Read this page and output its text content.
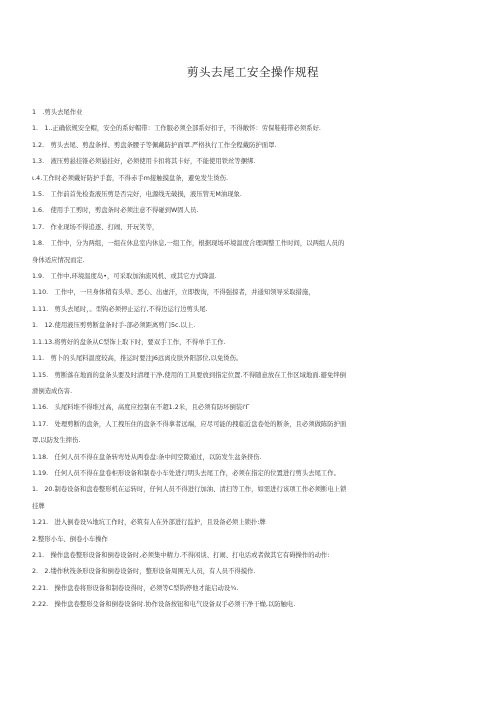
剪头去尾工安全操作规程
1　.剪头去尾作业
1.　1..正确依规安全帽，安全的系好帽带：工作服必须全部系好扣子，不得敞怀：劳保鞋鞋带必须系好.
1.2.　剪头去尾、剪盘条样、剪盘条腰子等佩戴防护面罩.严格执行工作全程戴防护面罩.
1.3.　液压剪悬挂锥必须悬挂好，必须使用卡扣将其卡好，不能使用铁丝等捆绑.
ι.4.工作时必须戴好防护手套，不得赤手m接触摸盘条，避免发生烫伤.
1.5.　工作前首先检查液压剪是否完好，电源线无破损，液压管无M油现象.
1.6.　使用手工剪时，剪盘条时必须注意不得碰到W固人员.
1.7.　作业现场不得追逐、打闹、开玩笑等，
1.8.　工作中，分为两组，一组在休息室内休息,一组工作，根据现场环境温度合理调整工作时间，以两组人员的
身体适应情况而定.
1.9.　工作中,环境温度岛•，可采取加油流风机、或其它方式降温.
1.10.　工作中，一旦身体稍有头晕、恶心、出虚汗，立即拨询，不得强掠者，并通知领导采取措施，
1.11.　剪头去尾时，。型钩必须停止运行,不得边运行边剪头尾.
1.　12.使用液压剪剪断盘条时手-部必须距离剪门5c.以上.
1.1.13.将剪好的盘条从C型饰上取下时，要双手工作，不得单手工作.
1.1.　剪卜的头尾料温度较高，推运时要注J6远离皮肤外阳部位,以免烫伤。
1.15.　剪断落在地面的盘条头要及时清理干净,使用的工具要放到指定位置.不得随意放在工作区域地面.避免绊倒
滑倒造成伤害.
1.16.　头尾料堆不得堆过高，高度应控制在不超1.2米，且必须有防坏倒装i'Γ
1.17.　处理剪断的盘条，人工拽压住的盘条不得拿者远端，应尽可能的拽临近盘卷处的断条，且必须做陈防护面
罩,以防发生摔伤.
1.18.　任何人员不得在盘条转弯处从两卷盘:条中间空隙通过，以防发生盆条挤伤.
1.19.　任何人员不得在盘卷柜形设备和制卷小车处进行明头去尾工作，必须在指定的位置进行剪头去尾工作。
1.　20.制卷设备和盘卷整形机在运转时，仔何人员不得进行加油、清扫等工作，如需进行该项工作必须断电上锁
挂牌
1.21.　进入倒卷设¼地坑工作时，必筑有人在外部进行监护，且设备必须上锁扑:牌
2.整形小车、倒卷小车操作
2.1.　操作盘卷整形设备和倒卷设备时,必须集中精力.不得闲谈、打闹、打电话或者做其它有碍操作的动作:
2.　2.缕作秋筏条形设备和倒卷设备时，整形设备周围无人员，有人员不得摸作.
2.21.　操作盘卷将形设备和制卷设得时，必须等C型钩停他才能启动设¾.
2.22.　操作盘卷整形殳备和倒卷设备时.协作设备按钮和电气设备双手必须干净干燥,以防触电.
